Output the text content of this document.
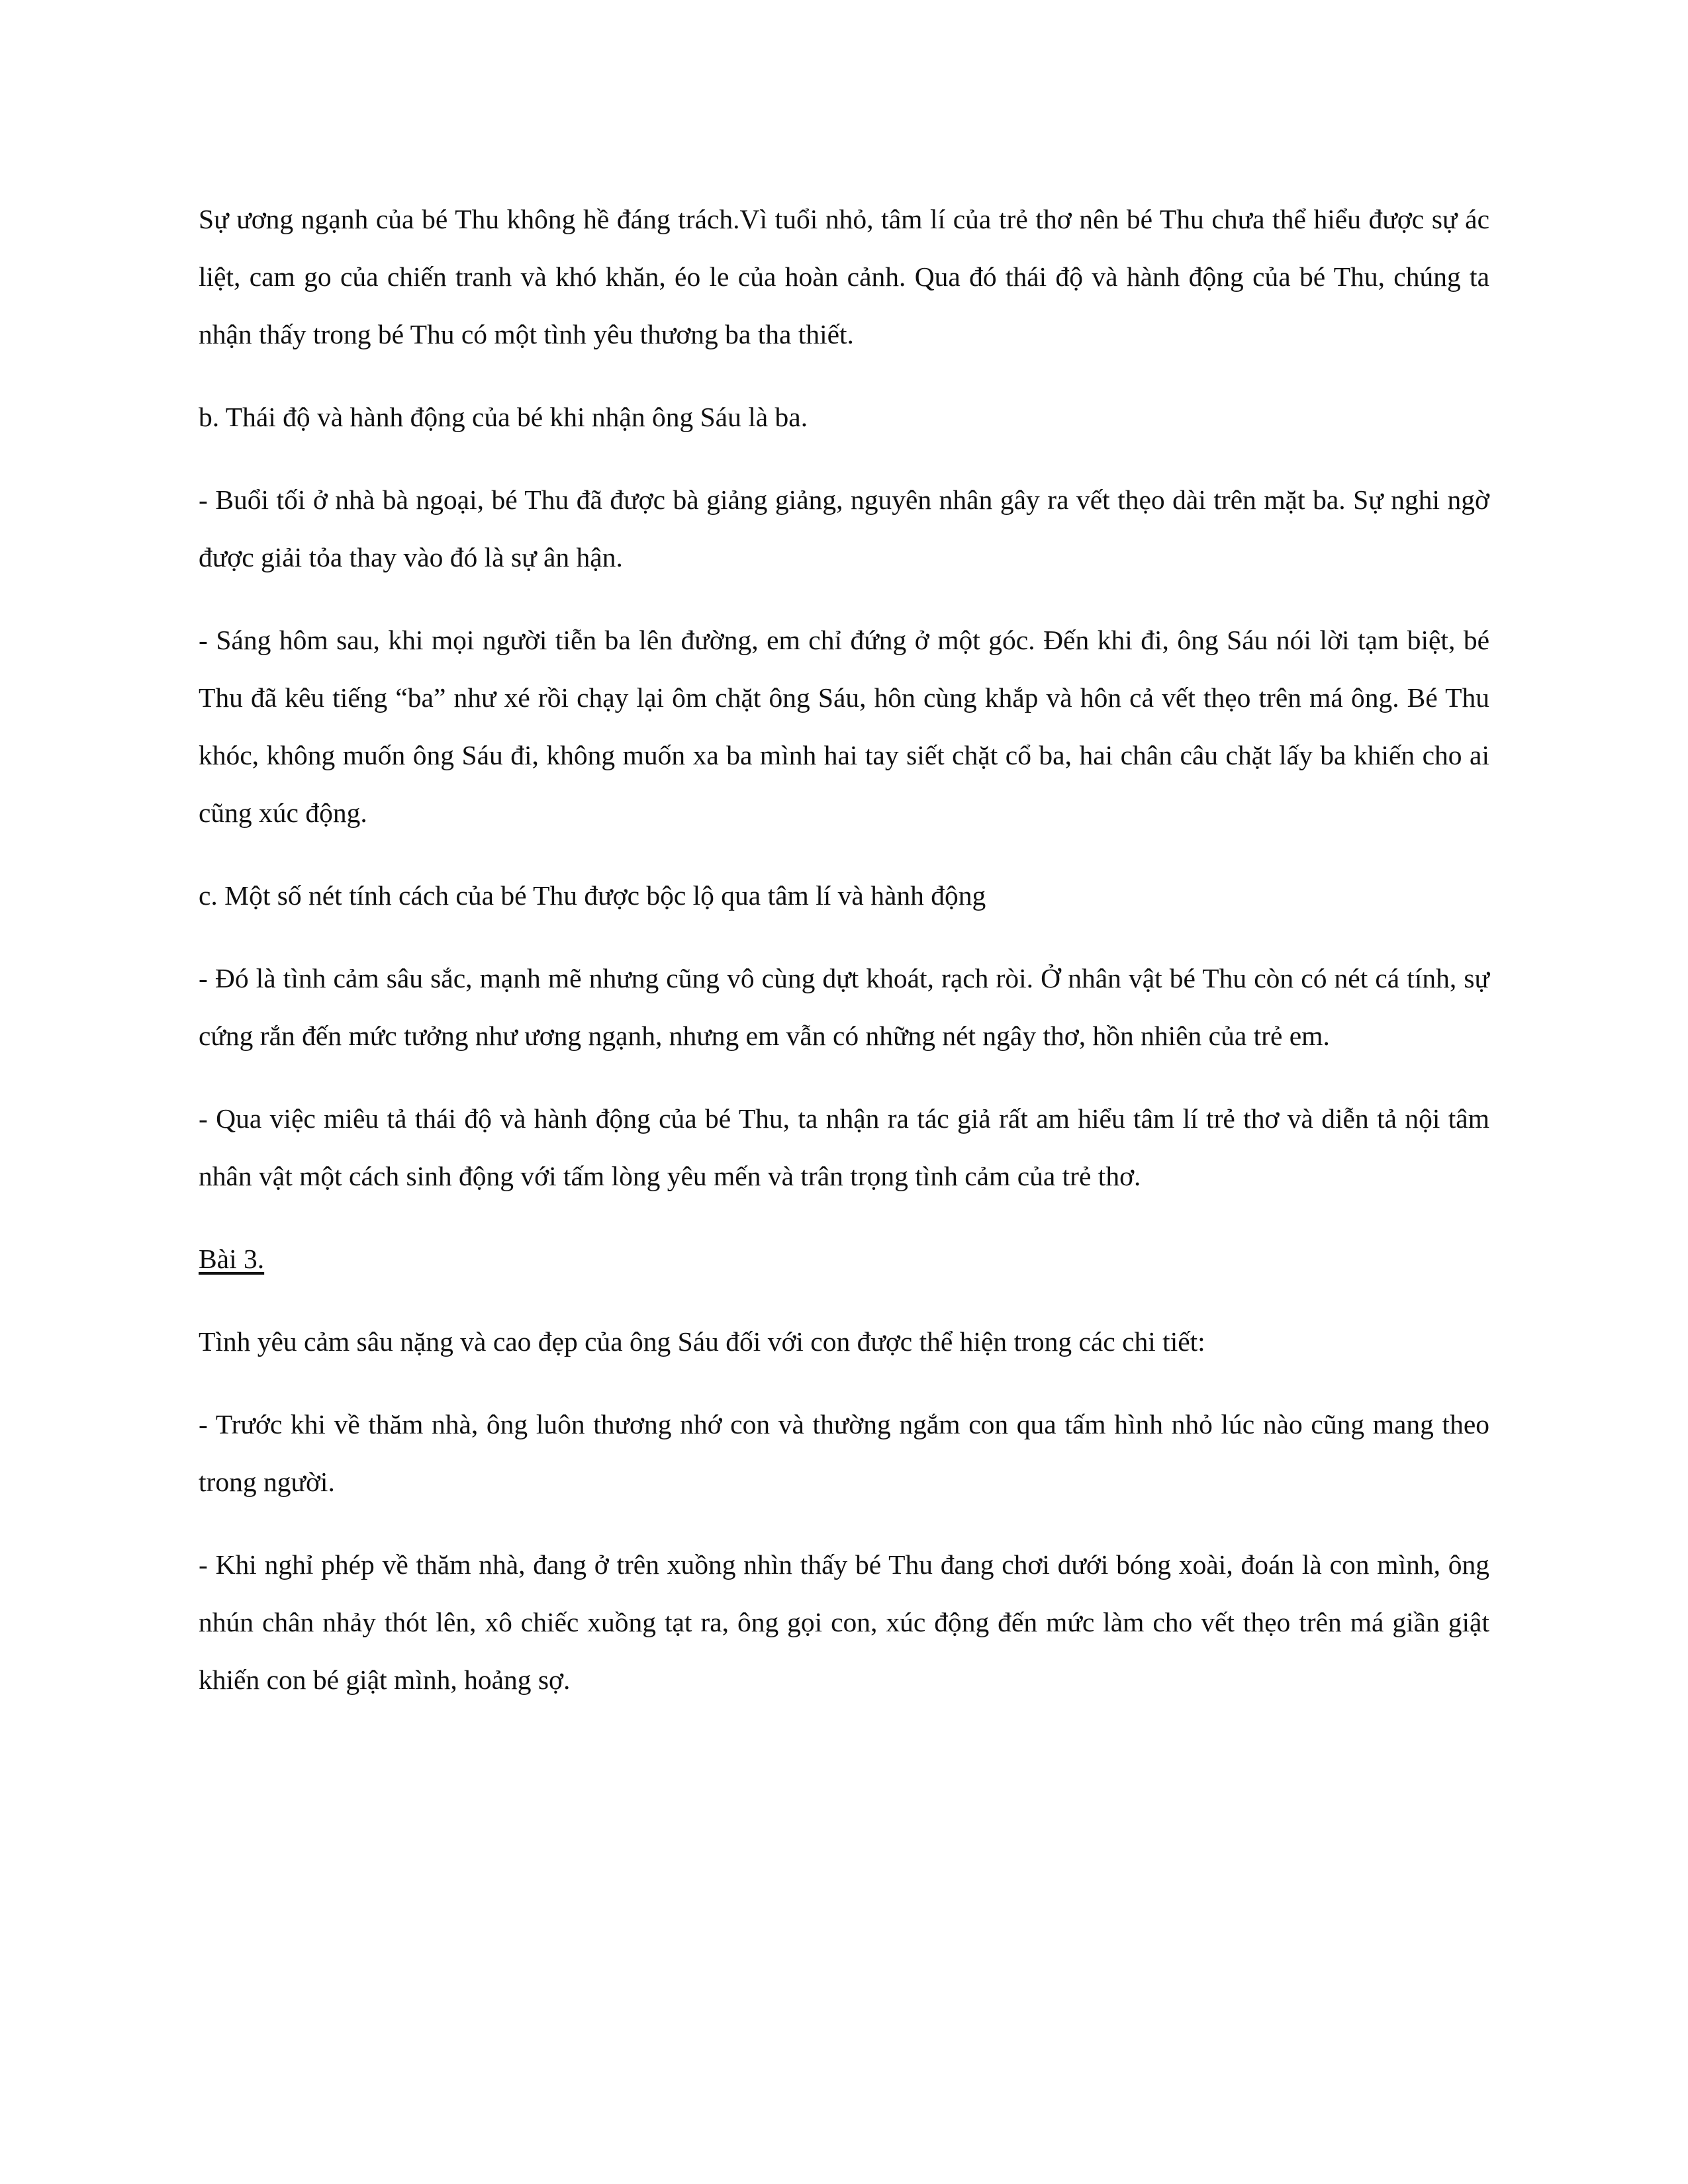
Sự ương ngạnh của bé Thu không hề đáng trách.Vì tuổi nhỏ, tâm lí của trẻ thơ nên bé Thu chưa thể hiểu được sự ác liệt, cam go của chiến tranh và khó khăn, éo le của hoàn cảnh. Qua đó thái độ và hành động của bé Thu, chúng ta nhận thấy trong bé Thu có một tình yêu thương ba tha thiết.

b. Thái độ và hành động của bé khi nhận ông Sáu là ba.

- Buổi tối ở nhà bà ngoại, bé Thu đã được bà giảng giảng, nguyên nhân gây ra vết thẹo dài trên mặt ba. Sự nghi ngờ được giải tỏa thay vào đó là sự ân hận.

- Sáng hôm sau, khi mọi người tiễn ba lên đường, em chỉ đứng ở một góc. Đến khi đi, ông Sáu nói lời tạm biệt, bé Thu đã kêu tiếng “ba” như xé rồi chạy lại ôm chặt ông Sáu, hôn cùng khắp và hôn cả vết thẹo trên má ông. Bé Thu khóc, không muốn ông Sáu đi, không muốn xa ba mình hai tay siết chặt cổ ba, hai chân câu chặt lấy ba khiến cho ai cũng xúc động.

c. Một số nét tính cách của bé Thu được bộc lộ qua tâm lí và hành động

- Đó là tình cảm sâu sắc, mạnh mẽ nhưng cũng vô cùng dựt khoát, rạch ròi. Ở nhân vật bé Thu còn có nét cá tính, sự cứng rắn đến mức tưởng như ương ngạnh, nhưng em vẫn có những nét ngây thơ, hồn nhiên của trẻ em.

- Qua việc miêu tả thái độ và hành động của bé Thu, ta nhận ra tác giả rất am hiểu tâm lí trẻ thơ và diễn tả nội tâm nhân vật một cách sinh động với tấm lòng yêu mến và trân trọng tình cảm của trẻ thơ.

Bài 3.

Tình yêu cảm sâu nặng và cao đẹp của ông Sáu đối với con được thể hiện trong các chi tiết:

- Trước khi về thăm nhà, ông luôn thương nhớ con và thường ngắm con qua tấm hình nhỏ lúc nào cũng mang theo trong người.

- Khi nghỉ phép về thăm nhà, đang ở trên xuồng nhìn thấy bé Thu đang chơi dưới bóng xoài, đoán là con mình, ông nhún chân nhảy thót lên, xô chiếc xuồng tạt ra, ông gọi con, xúc động đến mức làm cho vết thẹo trên má giần giật khiến con bé giật mình, hoảng sợ.
